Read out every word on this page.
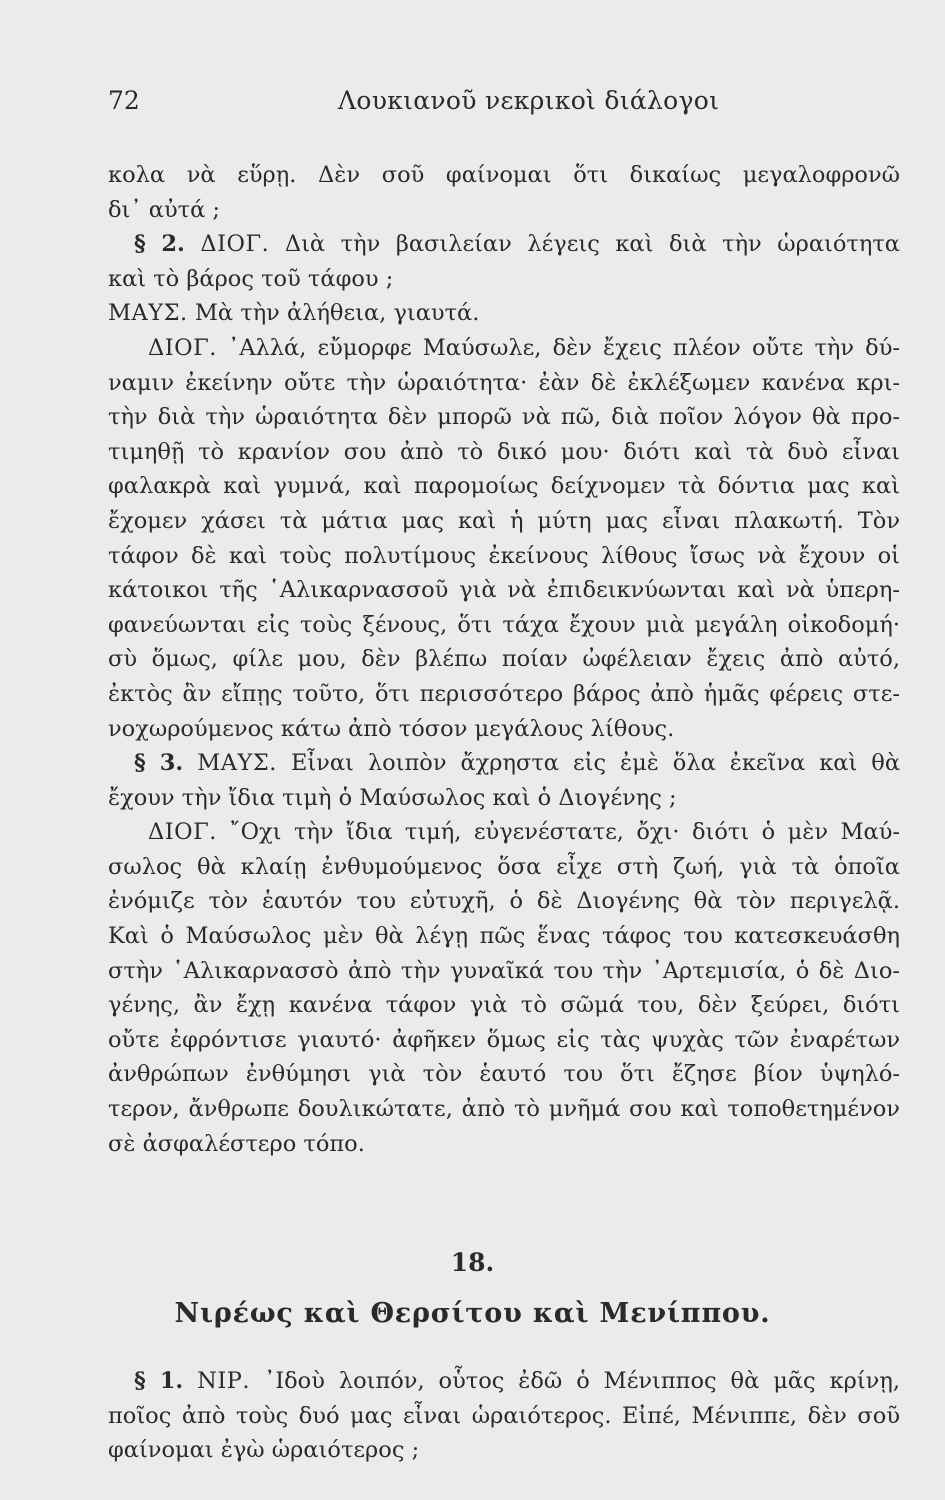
72	Λουκιανοῦ νεκρικοὶ διάλογοι
κολα νὰ εὕρῃ. Δὲν σοῦ φαίνομαι ὅτι δικαίως μεγαλοφρονῶ
δι᾽ αὐτά ;
§ 2. ΔΙΟΓ. Διὰ τὴν βασιλείαν λέγεις καὶ διὰ τὴν ὡραιότητα
καὶ τὸ βάρος τοῦ τάφου ;
ΜΑΥΣ. Μὰ τὴν ἀλήθεια, γιαυτά.
ΔΙΟΓ. ᾽Αλλά, εὔμορφε Μαύσωλε, δὲν ἔχεις πλέον οὔτε τὴν δύ-
ναμιν ἐκείνην οὔτε τὴν ὡραιότητα· ἐὰν δὲ ἐκλέξωμεν κανένα κρι-
τὴν διὰ τὴν ὡραιότητα δὲν μπορῶ νὰ πῶ, διὰ ποῖον λόγον θὰ προ-
τιμηθῇ τὸ κρανίον σου ἀπὸ τὸ δικό μου· διότι καὶ τὰ δυὸ εἶναι
φαλακρὰ καὶ γυμνά, καὶ παρομοίως δείχνομεν τὰ δόντια μας καὶ
ἔχομεν χάσει τὰ μάτια μας καὶ ἡ μύτη μας εἶναι πλακωτή. Τὸν
τάφον δὲ καὶ τοὺς πολυτίμους ἐκείνους λίθους ἴσως νὰ ἔχουν οἱ
κάτοικοι τῆς ῾Αλικαρνασσοῦ γιὰ νὰ ἐπιδεικνύωνται καὶ νὰ ὑπερη-
φανεύωνται εἰς τοὺς ξένους, ὅτι τάχα ἔχουν μιὰ μεγάλη οἰκοδομή·
σὺ ὅμως, φίλε μου, δὲν βλέπω ποίαν ὠφέλειαν ἔχεις ἀπὸ αὐτό,
ἐκτὸς ἂν εἴπῃς τοῦτο, ὅτι περισσότερο βάρος ἀπὸ ἡμᾶς φέρεις στε-
νοχωρούμενος κάτω ἀπὸ τόσον μεγάλους λίθους.
§ 3. ΜΑΥΣ. Εἶναι λοιπὸν ἄχρηστα εἰς ἐμὲ ὅλα ἐκεῖνα καὶ θὰ
ἔχουν τὴν ἴδια τιμὴ ὁ Μαύσωλος καὶ ὁ Διογένης ;
ΔΙΟΓ. ῎Οχι τὴν ἴδια τιμή, εὐγενέστατε, ὄχι· διότι ὁ μὲν Μαύ-
σωλος θὰ κλαίῃ ἐνθυμούμενος ὅσα εἶχε στὴ ζωή, γιὰ τὰ ὁποῖα
ἐνόμιζε τὸν ἑαυτόν του εὐτυχῆ, ὁ δὲ Διογένης θὰ τὸν περιγελᾷ.
Καὶ ὁ Μαύσωλος μὲν θὰ λέγῃ πῶς ἕνας τάφος του κατεσκευάσθη
στὴν ῾Αλικαρνασσὸ ἀπὸ τὴν γυναῖκά του τὴν ᾽Αρτεμισία, ὁ δὲ Διο-
γένης, ἂν ἔχῃ κανένα τάφον γιὰ τὸ σῶμά του, δὲν ξεύρει, διότι
οὔτε ἐφρόντισε γιαυτό· ἀφῆκεν ὅμως εἰς τὰς ψυχὰς τῶν ἐναρέτων
ἀνθρώπων ἐνθύμησι γιὰ τὸν ἑαυτό του ὅτι ἔζησε βίον ὑψηλό-
τερον, ἄνθρωπε δουλικώτατε, ἀπὸ τὸ μνῆμά σου καὶ τοποθετημένον
σὲ ἀσφαλέστερο τόπο.
18.
Νιρέως καὶ Θερσίτου καὶ Μενίππου.
§ 1. ΝΙΡ. ᾽Ιδοὺ λοιπόν, οὗτος ἐδῶ ὁ Μένιππος θὰ μᾶς κρίνῃ,
ποῖος ἀπὸ τοὺς δυό μας εἶναι ὡραιότερος. Εἰπέ, Μένιππε, δὲν σοῦ
φαίνομαι ἐγὼ ὡραιότερος ;
